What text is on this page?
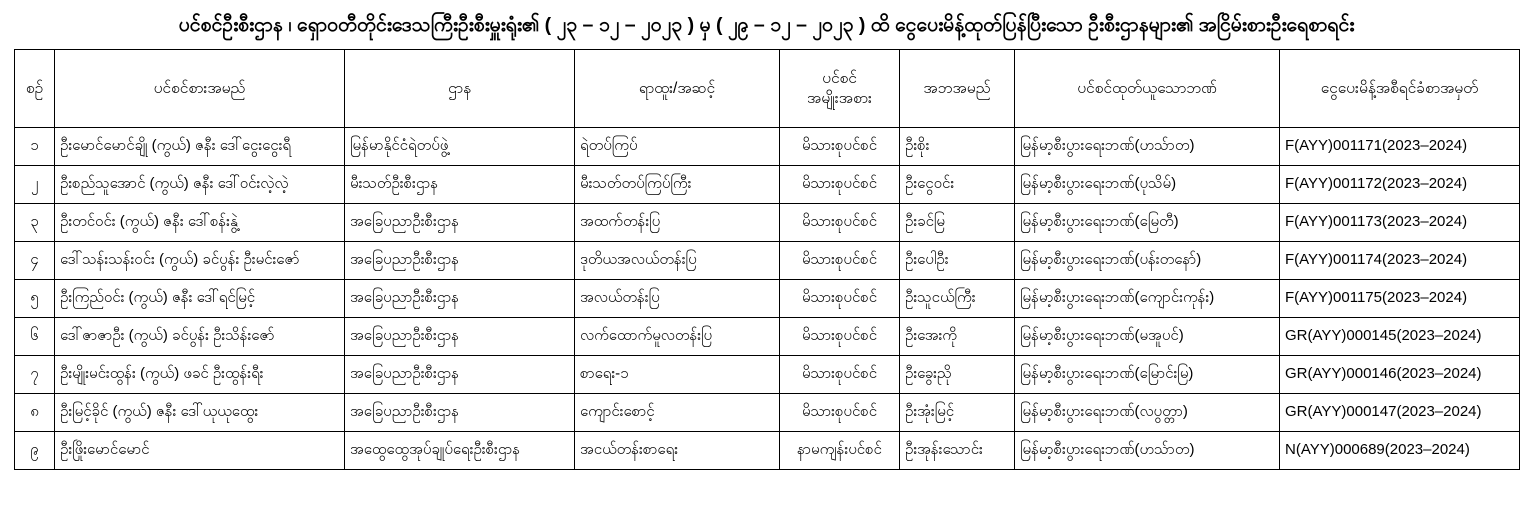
ပင်စင်ဦးစီးဌာန ၊ ရှောဝတီတိုင်းဒေသကြီးဦးစီးမှူးရုံး၏ ( ၂၃ – ၁၂ – ၂၀၂၃ ) မှ ( ၂၉ – ၁၂ – ၂၀၂၃ ) ထိ ငွေပေးမိန့်ထုတ်ပြန်ပြီးသော ဦးစီးဌာနများ၏ အငြိမ်းစားဦးရေစာရင်း
စဉ်	ပင်စင်စားအမည်	ဌာန	ရာထူး/အဆင့်	ပင်စင်
အမျိုးအစား	အဘအမည်	ပင်စင်ထုတ်ယူသောဘဏ်	ငွေပေးမိန့်အစီရင်ခံစာအမှတ်
၁	ဦးမောင်မောင်ချို (ကွယ်) ဇနီး ဒေါ်ငွေးငွေးရီ	မြန်မာနိုင်ငံရဲတပ်ဖွဲ့	ရဲတပ်ကြပ်	မိသားစုပင်စင်	ဦးစိုး	မြန်မာ့စီးပွားရေးဘဏ်(ဟသ်ာတ)	F(AYY)001171(2023–2024)
၂	ဦးစည်သူအောင် (ကွယ်) ဇနီး ဒေါ်ဝင်းလဲ့လဲ့	မီးသတ်ဦးစီးဌာန	မီးသတ်တပ်ကြပ်ကြီး	မိသားစုပင်စင်	ဦးငွေဝင်း	မြန်မာ့စီးပွားရေးဘဏ်(ပုသိမ်)	F(AYY)001172(2023–2024)
၃	ဦးတင်ဝင်း (ကွယ်) ဇနီး ဒေါ်စန်းနွဲ့	အခြေပညာဦးစီးဌာန	အထက်တန်းပြ	မိသားစုပင်စင်	ဦးခင်မြ	မြန်မာ့စီးပွားရေးဘဏ်(မြေတီ)	F(AYY)001173(2023–2024)
၄	ဒေါ်သန်းသန်းဝင်း (ကွယ်) ခင်ပွန်း ဦးမင်းဇော်	အခြေပညာဦးစီးဌာန	ဒုတိယအလယ်တန်းပြ	မိသားစုပင်စင်	ဦးပေါဦး	မြန်မာ့စီးပွားရေးဘဏ်(ပန်းတနော်)	F(AYY)001174(2023–2024)
၅	ဦးကြည်ဝင်း (ကွယ်) ဇနီး ဒေါ်ရင်မြင့်	အခြေပညာဦးစီးဌာန	အလယ်တန်းပြ	မိသားစုပင်စင်	ဦးသူငယ်ကြီး	မြန်မာ့စီးပွားရေးဘဏ်(ကျောင်းကုန်း)	F(AYY)001175(2023–2024)
၆	ဒေါ်ဇာဇာဦး (ကွယ်) ခင်ပွန်း ဦးသိန်းဇော်	အခြေပညာဦးစီးဌာန	လက်ထောက်မူလတန်းပြ	မိသားစုပင်စင်	ဦးအေးကို	မြန်မာ့စီးပွားရေးဘဏ်(မအူပင်)	GR(AYY)000145(2023–2024)
၇	ဦးမျိုးမင်းထွန်း (ကွယ်) ဖခင် ဦးထွန်းရီး	အခြေပညာဦးစီးဌာန	စာရေး-၁	မိသားစုပင်စင်	ဦးခွေးညို	မြန်မာ့စီးပွားရေးဘဏ်(မြောင်းမြ)	GR(AYY)000146(2023–2024)
၈	ဦးမြင့်ခိုင် (ကွယ်) ဇနီး ဒေါ်ယုယုထွေး	အခြေပညာဦးစီးဌာန	ကျောင်းစောင့်	မိသားစုပင်စင်	ဦးအုံးမြင့်	မြန်မာ့စီးပွားရေးဘဏ်(လပွတ္တာ)	GR(AYY)000147(2023–2024)
၉	ဦးဖြိုးမောင်မောင်	အထွေထွေအုပ်ချုပ်ရေးဦးစီးဌာန	အငယ်တန်းစာရေး	နာမကျန်းပင်စင်	ဦးအုန်းသောင်း	မြန်မာ့စီးပွားရေးဘဏ်(ဟသ်ာတ)	N(AYY)000689(2023–2024)
